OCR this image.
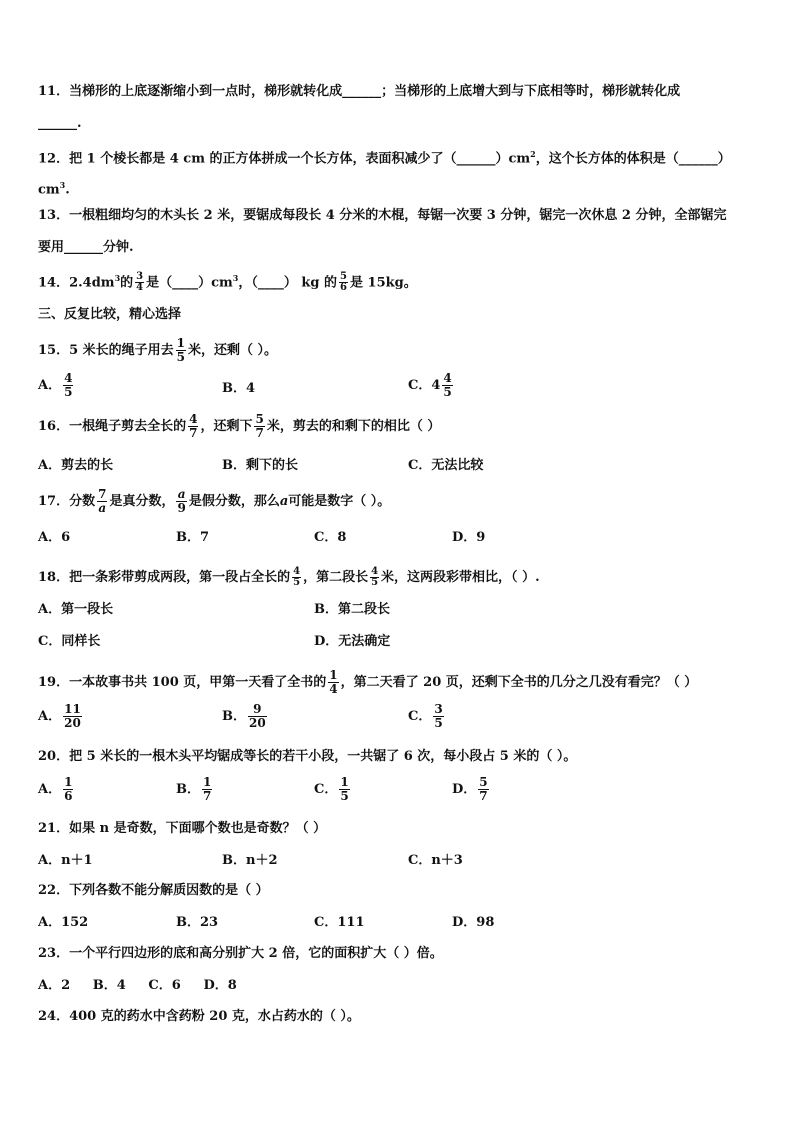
11．当梯形的上底逐渐缩小到一点时，梯形就转化成______；当梯形的上底增大到与下底相等时，梯形就转化成
______.
12．把 1 个棱长都是 4 cm 的正方体拼成一个长方体，表面积减少了$(\_\_\_\_\_\_)cm^2$，这个长方体的体积是（______）
$cm^3$.
13．一根粗细均匀的木头长 2 米，要锯成每段长 4 分米的木棍，每锯一次要 3 分钟，锯完一次休息 2 分钟，全部锯完
要用______分钟.
14．$2.4dm^3$的 $\frac{3}{4}$ 是$(\_\_\_\_)cm^3$，（____） kg 的 $\frac{5}{6}$ 是 15kg。
三、反复比较，精心选择
15．5 米长的绳子用去 $\frac{1}{5}$ 米，还剩（ ）。
A． $\frac{4}{5}$	B．4	C．$4 \frac{4}{5}$
16．一根绳子剪去全长的 $\frac{4}{7}$ ，还剩下 $\frac{5}{7}$ 米，剪去的和剩下的相比（ ）
A．剪去的长	B．剩下的长	C．无法比较
17．分数 $\frac{7}{a}$ 是真分数， $\frac{a}{9}$ 是假分数，那么a可能是数字（ ）。
A．6	B．7	C．8	D．9
18．把一条彩带剪成两段，第一段占全长的 $\frac{4}{5}$ ，第二段长 $\frac{4}{5}$ 米，这两段彩带相比，（ ）.
A．第一段长	B．第二段长
C．同样长	D．无法确定
19．一本故事书共 100 页，甲第一天看了全书的 $\frac{1}{4}$ ，第二天看了 20 页，还剩下全书的几分之几没有看完？（ ）
A． $\frac{11}{20}$	B． $\frac{9}{20}$	C． $\frac{3}{5}$
20．把 5 米长的一根木头平均锯成等长的若干小段，一共锯了 6 次，每小段占 5 米的（ ）。
A． $\frac{1}{6}$	B． $\frac{1}{7}$	C． $\frac{1}{5}$	D． $\frac{5}{7}$
21．如果 n 是奇数，下面哪个数也是奇数？（ ）
A．n＋1	B．n＋2	C．n＋3
22．下列各数不能分解质因数的是（ ）
A．152	B．23	C．111	D．98
23．一个平行四边形的底和高分别扩大 2 倍，它的面积扩大（ ）倍。
A．2     B．4     C．6     D．8
24．400 克的药水中含药粉 20 克，水占药水的（ ）。
